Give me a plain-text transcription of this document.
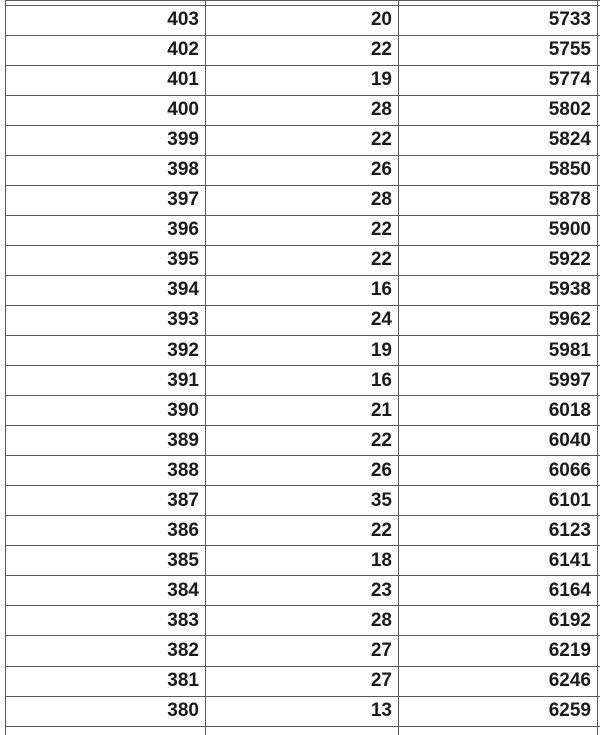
403	20	5733
402	22	5755
401	19	5774
400	28	5802
399	22	5824
398	26	5850
397	28	5878
396	22	5900
395	22	5922
394	16	5938
393	24	5962
392	19	5981
391	16	5997
390	21	6018
389	22	6040
388	26	6066
387	35	6101
386	22	6123
385	18	6141
384	23	6164
383	28	6192
382	27	6219
381	27	6246
380	13	6259
